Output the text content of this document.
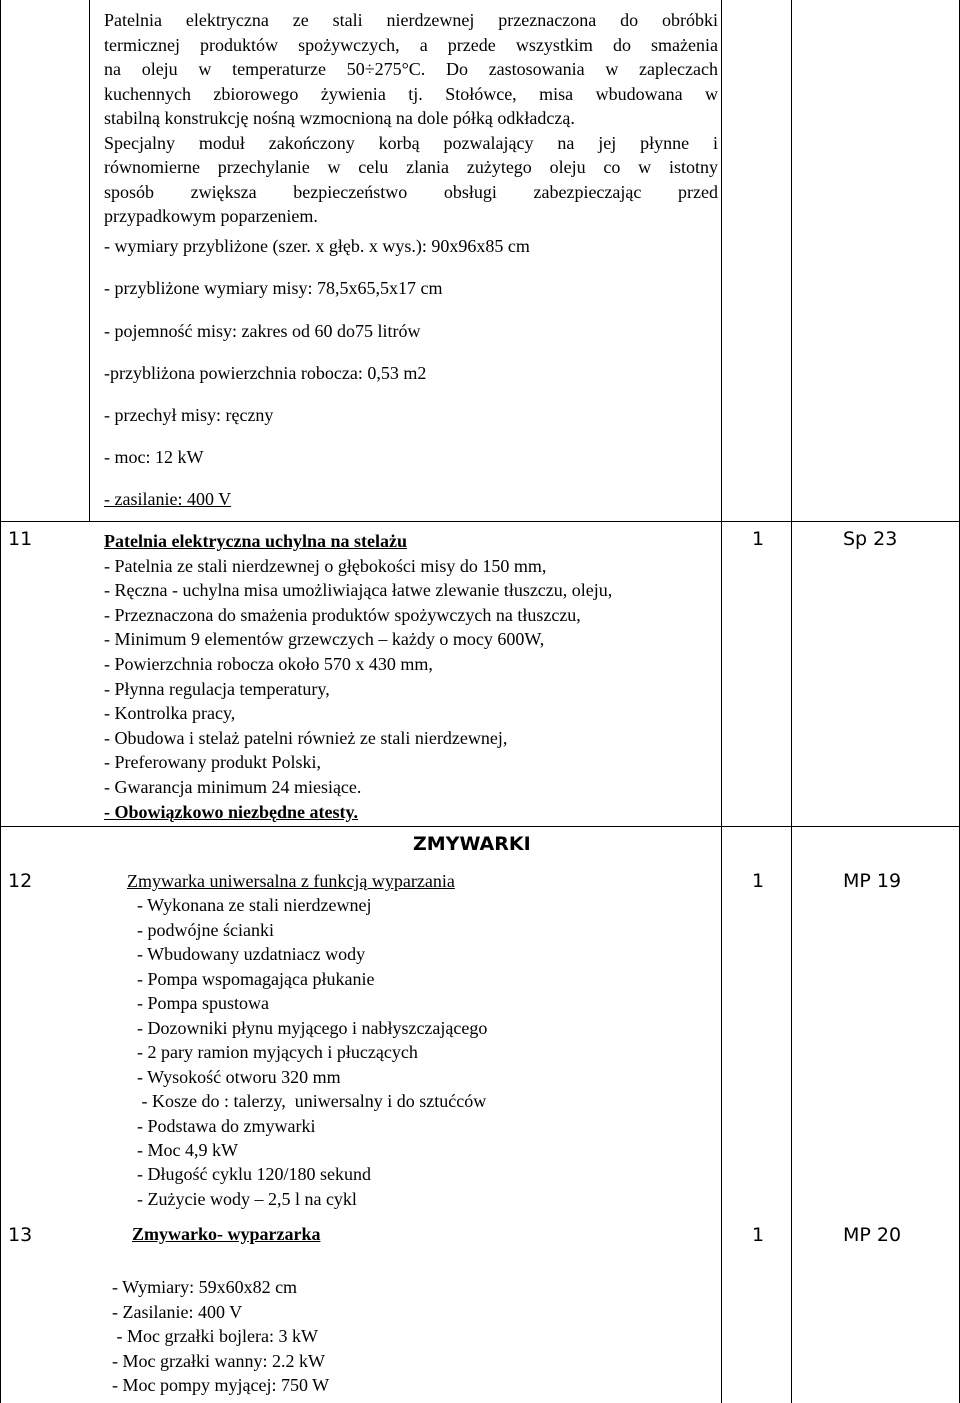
Patelnia elektryczna ze stali nierdzewnej przeznaczona do obróbki
termicznej produktów spożywczych, a przede wszystkim do smażenia
na oleju w temperaturze 50÷275°C. Do zastosowania w zapleczach
kuchennych zbiorowego żywienia tj. Stołówce, misa wbudowana w
stabilną konstrukcję nośną wzmocnioną na dole półką odkładczą.
Specjalny moduł zakończony korbą pozwalający na jej płynne i
równomierne przechylanie w celu zlania zużytego oleju co w istotny
sposób zwiększa bezpieczeństwo obsługi zabezpieczając przed
przypadkowym poparzeniem.
- wymiary przybliżone (szer. x głęb. x wys.): 90x96x85 cm
- przybliżone wymiary misy: 78,5x65,5x17 cm
- pojemność misy: zakres od 60 do75 litrów
-przybliżona powierzchnia robocza: 0,53 m2
- przechył misy: ręczny
- moc: 12 kW
- zasilanie: 400 V
11	Patelnia elektryczna uchylna na stelażu
- Patelnia ze stali nierdzewnej o głębokości misy do 150 mm,
- Ręczna - uchylna misa umożliwiająca łatwe zlewanie tłuszczu, oleju,
- Przeznaczona do smażenia produktów spożywczych na tłuszczu,
- Minimum 9 elementów grzewczych – każdy o mocy 600W,
- Powierzchnia robocza około 570 x 430 mm,
- Płynna regulacja temperatury,
- Kontrolka pracy,
- Obudowa i stelaż patelni również ze stali nierdzewnej,
- Preferowany produkt Polski,
- Gwarancja minimum 24 miesiące.
- Obowiązkowo niezbędne atesty.
1	Sp 23
ZMYWARKI
12	Zmywarka uniwersalna z funkcją wyparzania
- Wykonana ze stali nierdzewnej
- podwójne ścianki
- Wbudowany uzdatniacz wody
- Pompa wspomagająca płukanie
- Pompa spustowa
- Dozowniki płynu myjącego i nabłyszczającego
- 2 pary ramion myjących i płuczących
- Wysokość otworu 320 mm
- Kosze do : talerzy,  uniwersalny i do sztućców
- Podstawa do zmywarki
- Moc 4,9 kW
- Długość cyklu 120/180 sekund
- Zużycie wody – 2,5 l na cykl
1	MP 19
13	Zmywarko- wyparzarka
- Wymiary: 59x60x82 cm
- Zasilanie: 400 V
- Moc grzałki bojlera: 3 kW
- Moc grzałki wanny: 2.2 kW
- Moc pompy myjącej: 750 W
1	MP 20
